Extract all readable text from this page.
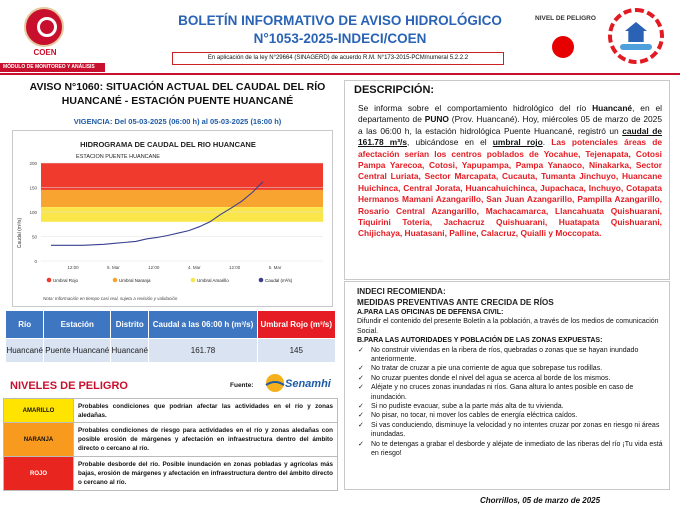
COEN
MÓDULO DE MONITOREO Y ANÁLISIS
BOLETÍN INFORMATIVO DE AVISO HIDROLÓGICO
N°1053-2025-INDECI/COEN
En aplicación de la ley N°29664 (SINAGERD) de acuerdo R.M. N°173-2015-PCM/numeral 5.2.2.2
NIVEL DE PELIGRO
AVISO N°1060: SITUACIÓN ACTUAL DEL CAUDAL DEL RÍO HUANCANÉ - ESTACIÓN PUENTE HUANCANÉ
VIGENCIA: Del 05-03-2025 (06:00 h) al 05-03-2025 (16:00 h)
HIDROGRAMA DE CAUDAL DEL RIO HUANCANE
ESTACION PUENTE HUANCANE
Caudal (m³/s)
0
50
100
150
200
12:00	5. Mar	12:00	4. Mar	12:00	5. Mar
Umbral Rojo	Umbral Naranja	Umbral Amarillo	Caudal (m³/s)
Nota: Información en tiempo casi real, sujeta a revisión y validación
Río	Estación	Distrito	Caudal a las 06:00 h (m³/s)	Umbral Rojo (m³/s)
Huancané	Puente Huancané	Huancané	161.78	145
NIVELES DE PELIGRO	Fuente:	Senamhi
AMARILLO	Probables condiciones que podrían afectar las actividades en el río y zonas aledañas.
NARANJA	Probables condiciones de riesgo para actividades en el río y zonas aledañas con posible erosión de márgenes y afectación en infraestructura dentro del ámbito directo o cercano al río.
ROJO	Probable desborde del río. Posible inundación en zonas pobladas y agrícolas más bajas, erosión de márgenes y afectación en infraestructura dentro del ámbito directo o cercano al río.
DESCRIPCIÓN:
Se informa sobre el comportamiento hidrológico del río Huancané, en el departamento de PUNO (Prov. Huancané). Hoy, miércoles 05 de marzo de 2025 a las 06:00 h, la estación hidrológica Puente Huancané, registró un caudal de 161.78 m³/s, ubicándose en el umbral rojo. Las potenciales áreas de afectación serían los centros poblados de Yocahue, Tejenapata, Cotosi Pampa Yarecoa, Cotosi, Yapupampa, Pampa Yanaoco, Ninakarka, Sector Central Luriata, Sector Marcapata, Cucauta, Tumanta Jinchuyo, Huancane Huichinca, Central Jorata, Huancahuichinca, Jupachaca, Inchuyo, Cotapata Hermanos Mamani Azangarillo, San Juan Azangarillo, Pampilla Azangarillo, Rosario Central Azangarillo, Machacamarca, Llancahuata Quishuarani, Tiquirini Toteria, Jachacruz Quishuarani, Huatapata Quishuarani, Chijichaya, Huatasani, Palline, Calacruz, Quialli y Moccopata.
INDECI RECOMIENDA:
MEDIDAS PREVENTIVAS ANTE CRECIDA DE RÍOS
A.PARA LAS OFICINAS DE DEFENSA CIVIL:
Difundir el contenido del presente Boletín a la población, a través de los medios de comunicación Social.
B.PARA LAS AUTORIDADES Y POBLACIÓN DE LAS ZONAS EXPUESTAS:
✓ No construir viviendas en la ribera de ríos, quebradas o zonas que se hayan inundado anteriormente.
✓ No tratar de cruzar a pie una corriente de agua que sobrepase tus rodillas.
✓ No cruzar puentes donde el nivel del agua se acerca al borde de los mismos.
✓ Aléjate y no cruces zonas inundadas ni ríos. Gana altura lo antes posible en caso de inundación.
✓ Si no pudiste evacuar, sube a la parte más alta de tu vivienda.
✓ No pisar, no tocar, ni mover los cables de energía eléctrica caídos.
✓ Si vas conduciendo, disminuye la velocidad y no intentes cruzar por zonas en riesgo ni áreas inundadas.
✓ No te detengas a grabar el desborde y aléjate de inmediato de las riberas del río ¡Tu vida está en riesgo!
Chorrillos, 05 de marzo de 2025
